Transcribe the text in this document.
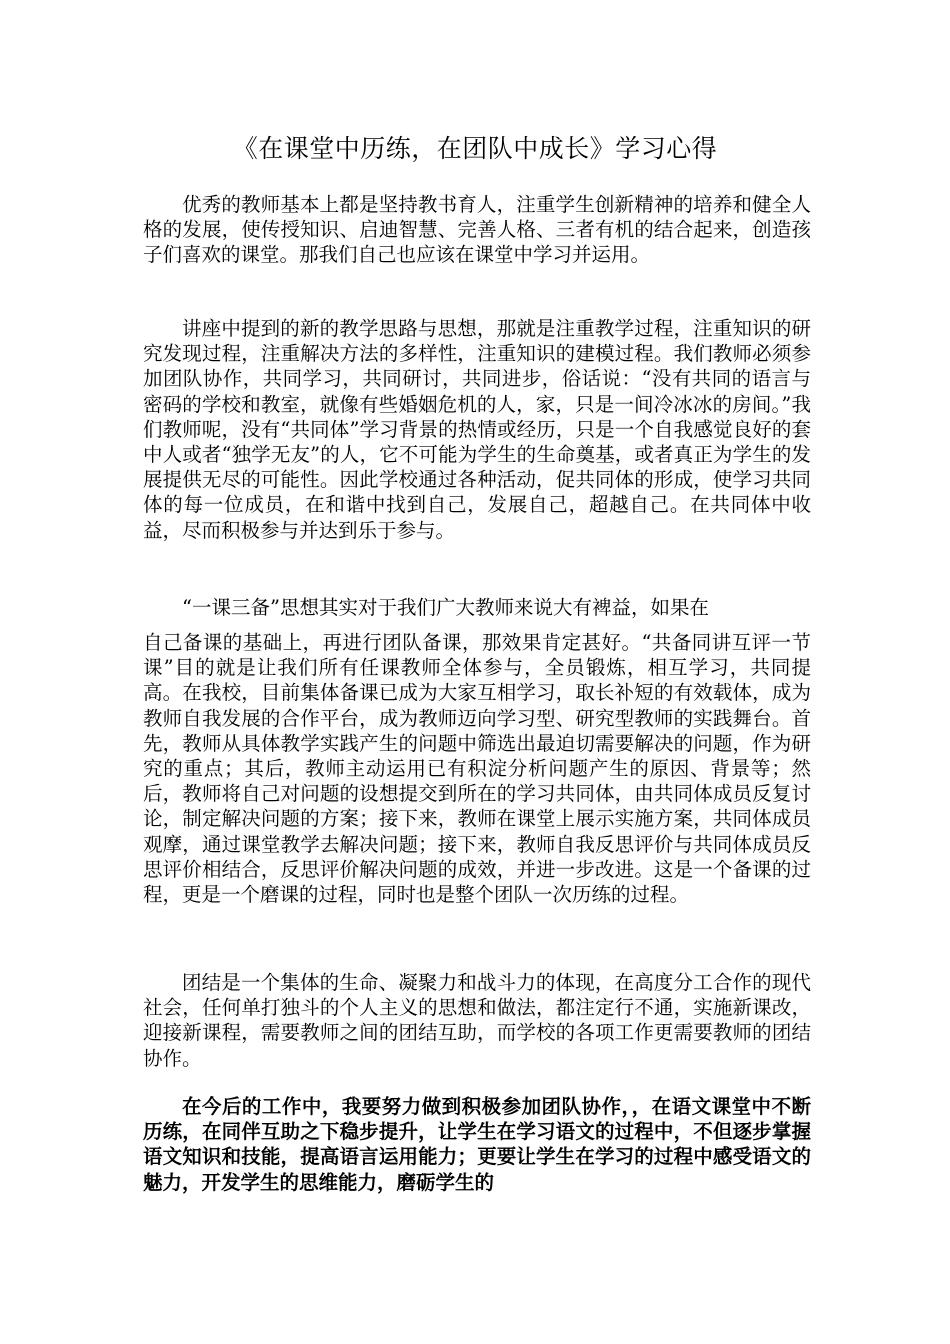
《在课堂中历练，在团队中成长》学习心得

优秀的教师基本上都是坚持教书育人，注重学生创新精神的培养和健全人格的发展，使传授知识、启迪智慧、完善人格、三者有机的结合起来，创造孩子们喜欢的课堂。那我们自己也应该在课堂中学习并运用。

讲座中提到的新的教学思路与思想，那就是注重教学过程，注重知识的研究发现过程，注重解决方法的多样性，注重知识的建模过程。我们教师必须参加团队协作，共同学习，共同研讨，共同进步，俗话说：“没有共同的语言与密码的学校和教室，就像有些婚姻危机的人，家，只是一间冷冰冰的房间。”我们教师呢，没有“共同体”学习背景的热情或经历，只是一个自我感觉良好的套中人或者“独学无友”的人，它不可能为学生的生命奠基，或者真正为学生的发展提供无尽的可能性。因此学校通过各种活动，促共同体的形成，使学习共同体的每一位成员，在和谐中找到自己，发展自己，超越自己。在共同体中收益，尽而积极参与并达到乐于参与。

“一课三备”思想其实对于我们广大教师来说大有裨益，如果在

自己备课的基础上，再进行团队备课，那效果肯定甚好。“共备同讲互评一节课”目的就是让我们所有任课教师全体参与，全员锻炼，相互学习，共同提高。在我校，目前集体备课已成为大家互相学习，取长补短的有效载体，成为教师自我发展的合作平台，成为教师迈向学习型、研究型教师的实践舞台。首先，教师从具体教学实践产生的问题中筛选出最迫切需要解决的问题，作为研究的重点；其后，教师主动运用已有积淀分析问题产生的原因、背景等；然后，教师将自己对问题的设想提交到所在的学习共同体，由共同体成员反复讨论，制定解决问题的方案；接下来，教师在课堂上展示实施方案，共同体成员观摩，通过课堂教学去解决问题；接下来，教师自我反思评价与共同体成员反思评价相结合，反思评价解决问题的成效，并进一步改进。这是一个备课的过程，更是一个磨课的过程，同时也是整个团队一次历练的过程。

团结是一个集体的生命、凝聚力和战斗力的体现，在高度分工合作的现代社会，任何单打独斗的个人主义的思想和做法，都注定行不通，实施新课改，迎接新课程，需要教师之间的团结互助，而学校的各项工作更需要教师的团结协作。

在今后的工作中，我要努力做到积极参加团队协作，，在语文课堂中不断历练，在同伴互助之下稳步提升，让学生在学习语文的过程中，不但逐步掌握语文知识和技能，提高语言运用能力；更要让学生在学习的过程中感受语文的魅力，开发学生的思维能力，磨砺学生的
